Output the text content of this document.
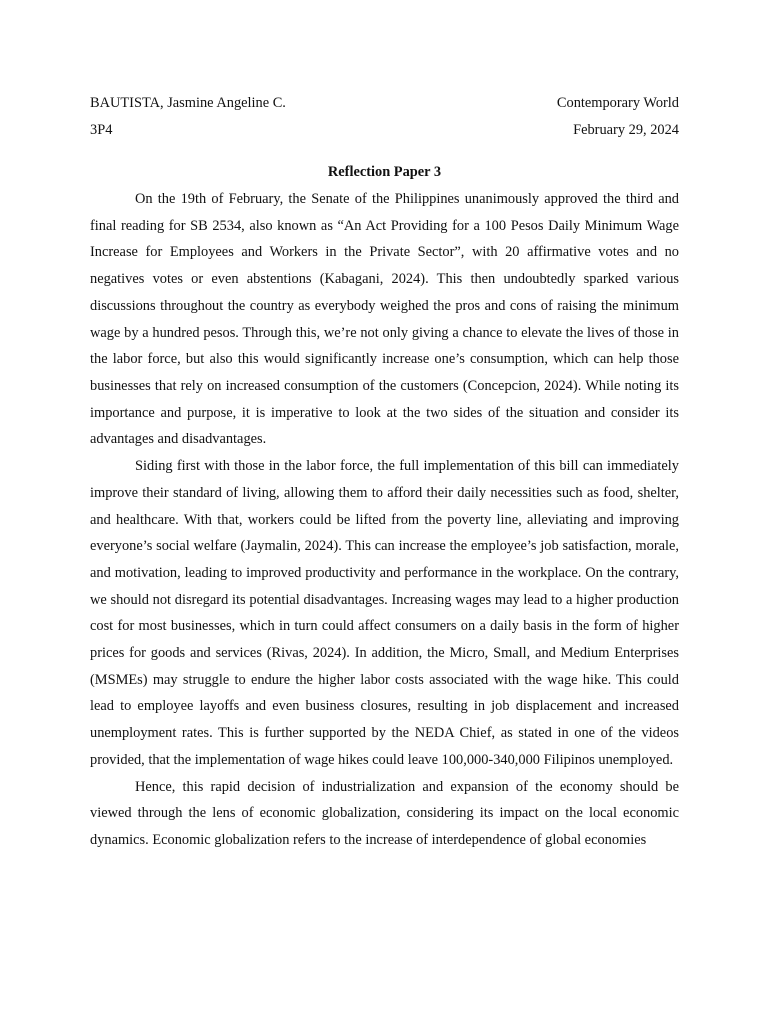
BAUTISTA, Jasmine Angeline C.	Contemporary World
3P4	February 29, 2024
Reflection Paper 3

On the 19th of February, the Senate of the Philippines unanimously approved the third and final reading for SB 2534, also known as “An Act Providing for a 100 Pesos Daily Minimum Wage Increase for Employees and Workers in the Private Sector”, with 20 affirmative votes and no negatives votes or even abstentions (Kabagani, 2024). This then undoubtedly sparked various discussions throughout the country as everybody weighed the pros and cons of raising the minimum wage by a hundred pesos. Through this, we’re not only giving a chance to elevate the lives of those in the labor force, but also this would significantly increase one’s consumption, which can help those businesses that rely on increased consumption of the customers (Concepcion, 2024). While noting its importance and purpose, it is imperative to look at the two sides of the situation and consider its advantages and disadvantages.

Siding first with those in the labor force, the full implementation of this bill can immediately improve their standard of living, allowing them to afford their daily necessities such as food, shelter, and healthcare. With that, workers could be lifted from the poverty line, alleviating and improving everyone’s social welfare (Jaymalin, 2024). This can increase the employee’s job satisfaction, morale, and motivation, leading to improved productivity and performance in the workplace. On the contrary, we should not disregard its potential disadvantages. Increasing wages may lead to a higher production cost for most businesses, which in turn could affect consumers on a daily basis in the form of higher prices for goods and services (Rivas, 2024). In addition, the Micro, Small, and Medium Enterprises (MSMEs) may struggle to endure the higher labor costs associated with the wage hike. This could lead to employee layoffs and even business closures, resulting in job displacement and increased unemployment rates. This is further supported by the NEDA Chief, as stated in one of the videos provided, that the implementation of wage hikes could leave 100,000-340,000 Filipinos unemployed.

Hence, this rapid decision of industrialization and expansion of the economy should be viewed through the lens of economic globalization, considering its impact on the local economic dynamics. Economic globalization refers to the increase of interdependence of global economies
